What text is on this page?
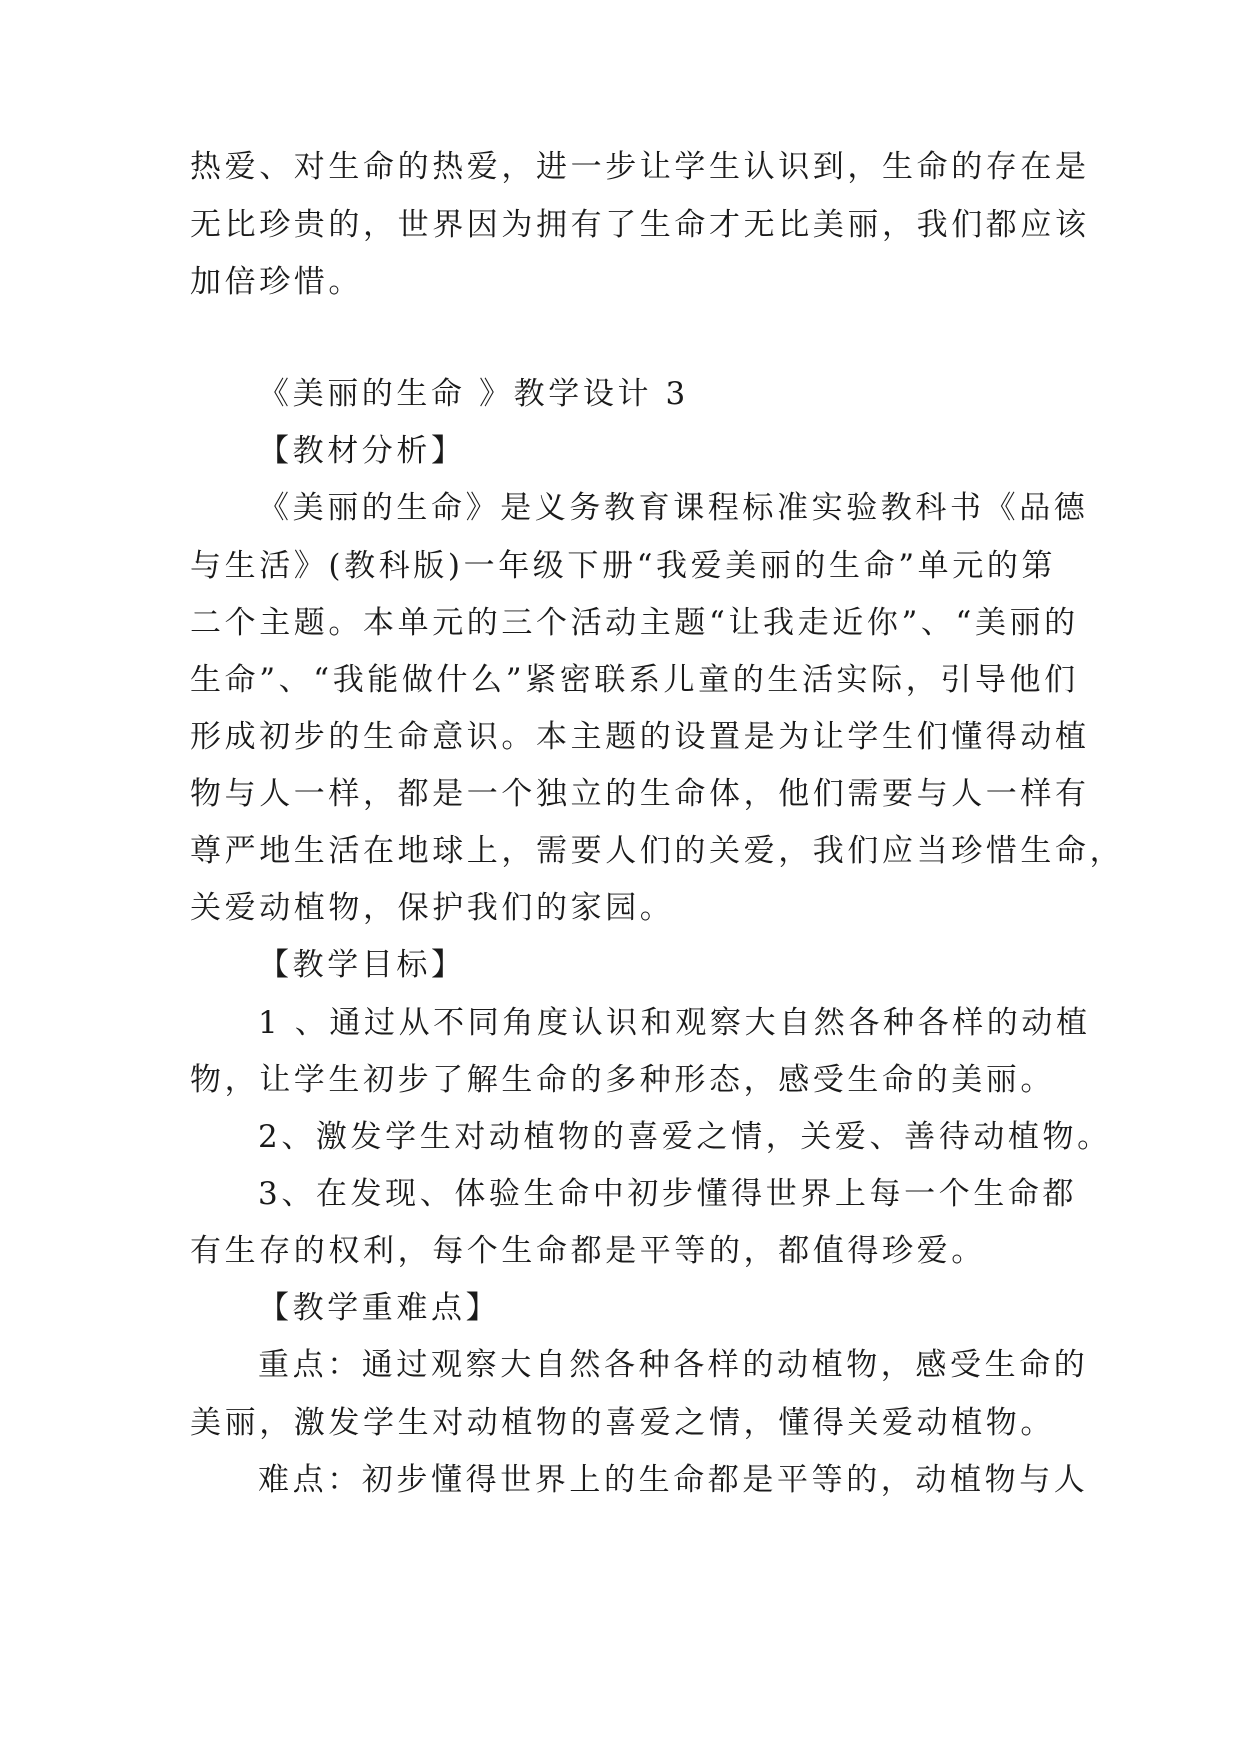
热爱、对生命的热爱，进一步让学生认识到，生命的存在是
无比珍贵的，世界因为拥有了生命才无比美丽，我们都应该
加倍珍惜。
《美丽的生命 》教学设计 3
【教材分析】
《美丽的生命》是义务教育课程标准实验教科书《品德
与生活》(教科版)一年级下册“我爱美丽的生命”单元的第
二个主题。本单元的三个活动主题“让我走近你”、“美丽的
生命”、“我能做什么”紧密联系儿童的生活实际，引导他们
形成初步的生命意识。本主题的设置是为让学生们懂得动植
物与人一样，都是一个独立的生命体，他们需要与人一样有
尊严地生活在地球上，需要人们的关爱，我们应当珍惜生命，
关爱动植物，保护我们的家园。
【教学目标】
1 、通过从不同角度认识和观察大自然各种各样的动植
物，让学生初步了解生命的多种形态，感受生命的美丽。
2、激发学生对动植物的喜爱之情，关爱、善待动植物。
3、在发现、体验生命中初步懂得世界上每一个生命都
有生存的权利，每个生命都是平等的，都值得珍爱。
【教学重难点】
重点：通过观察大自然各种各样的动植物，感受生命的
美丽，激发学生对动植物的喜爱之情，懂得关爱动植物。
难点：初步懂得世界上的生命都是平等的，动植物与人
